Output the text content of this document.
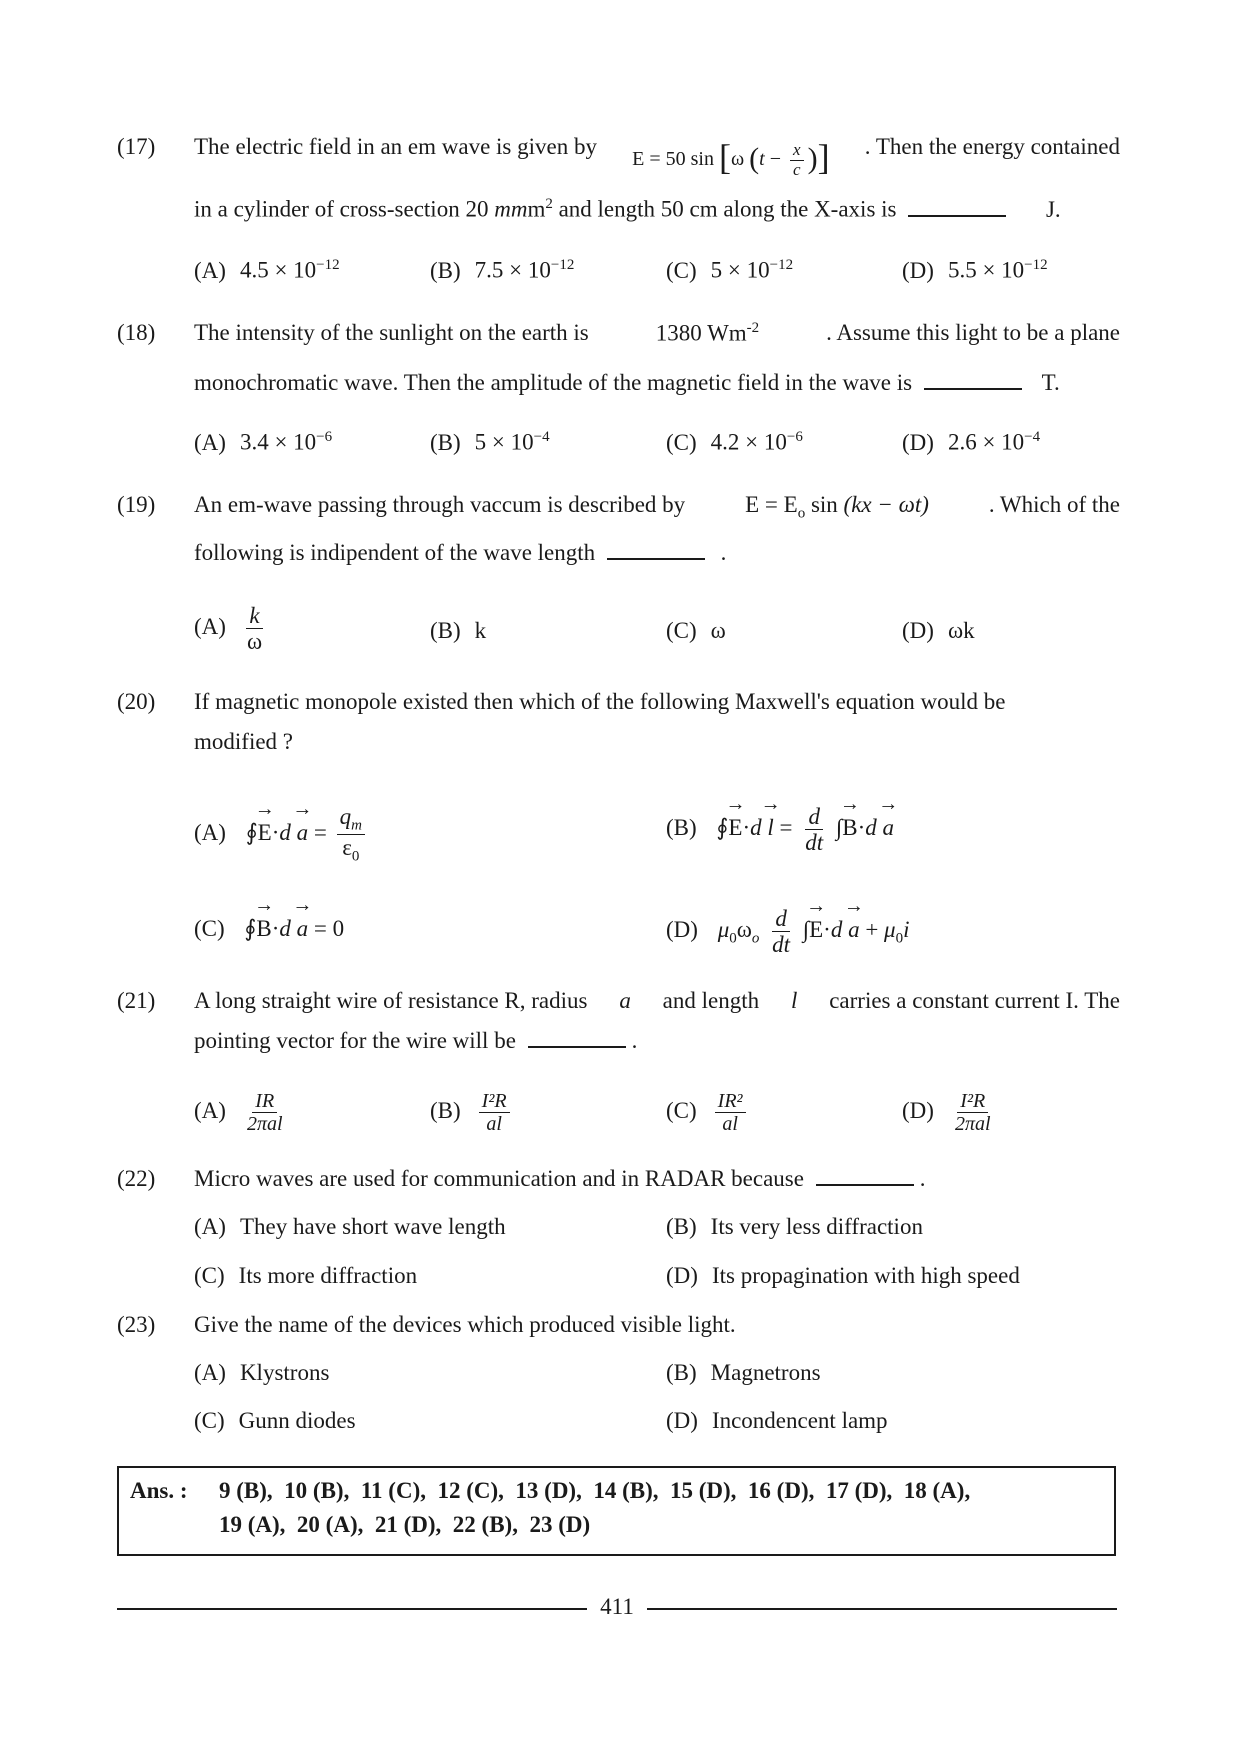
(17) The electric field in an em wave is given by E = 50 sin [ω ($t - \frac{x}{c}$ )] . Then the energy contained
in a cylinder of cross-section 20 mmm$^2$ and length 50 cm along the X-axis is	J.
(A) $4.5 \times 10^{-12}$	(B) $7.5 \times 10^{-12}$	(C) $5 \times 10^{-12}$	(D) $5.5 \times 10^{-12}$
(18) The intensity of the sunlight on the earth is	1380 $Wm^{-2}$	. Assume this light to be a plane
monochromatic wave. Then the amplitude of the magnetic field in the wave is	T.
(A) $3.4 \times 10^{-6}$	(B) $5 \times 10^{-4}$	(C) $4.2 \times 10^{-6}$	(D) $2.6 \times 10^{-4}$
(19) An em-wave passing through vaccum is described by	$E = E_o$ sin (kx − ωt)	. Which of the
following is indipendent of the wave length	.
$(A) \frac{k}{\omega}$	(B) k	(C) ω	(D) ωk
(20) If magnetic monopole existed then which of the following Maxwell's equation would be
modified ?
(A) ∮→ $E\cdot d \to a = \frac{q_m}{\varepsilon_0}$	(B) ∮→ $E\cdot d \to l = \frac{d}{dt}$ ∫→ B·d → a
(C) ∮→ B·d → a = 0	(D) $\mu_0\omega_o \frac{d}{dt}$ ∫→ $E\cdot d \to a + \mu_0i$
(21) A long straight wire of resistance R, radius a and length l carries a constant current I. The
pointing vector for the wire will be	.
$(A) \frac{IR}{\text{2πal}}$	$(B) \frac{\text{I²R}}{al}$	$(C) \frac{\text{IR²}}{al}$	$(D) \frac{\text{I²R}}{\text{2πal}}$
(22) Micro waves are used for communication and in RADAR because	.
(A) They have short wave length	(B) Its very less diffraction
(C) Its more diffraction	(D) Its propagination with high speed
(23) Give the name of the devices which produced visible light.
(A) Klystrons	(B) Magnetrons
(C) Gunn diodes	(D) Incondencent lamp
Ans. : 9 (B),  10 (B),  11 (C),  12 (C),  13 (D),  14 (B),  15 (D),  16 (D),  17 (D),  18 (A),
19 (A),  20 (A),  21 (D),  22 (B),  23 (D)
411
